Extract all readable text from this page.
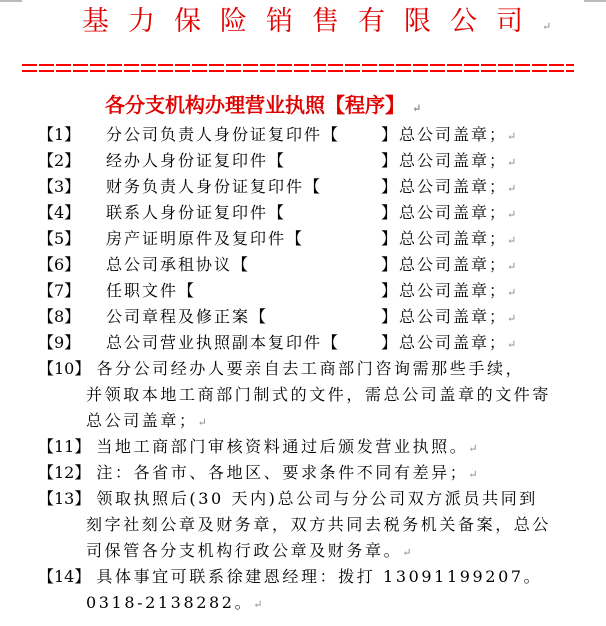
基力保险销售有限公司↵
各分支机构办理营业执照【程序】 ↵
【1】 分公司负责人身份证复印件【	】总公司盖章；↵
【2】 经办人身份证复印件【	】总公司盖章；↵
【3】 财务负责人身份证复印件【	】总公司盖章；↵
【4】 联系人身份证复印件【	】总公司盖章；↵
【5】 房产证明原件及复印件【	】总公司盖章；↵
【6】 总公司承租协议【	】总公司盖章；↵
【7】 任职文件【	】总公司盖章；↵
【8】 公司章程及修正案【	】总公司盖章；↵
【9】 总公司营业执照副本复印件【	】总公司盖章；↵
【10】 各分公司经办人要亲自去工商部门咨询需那些手续，
并领取本地工商部门制式的文件，需总公司盖章的文件寄
总公司盖章；↵
【11】 当地工商部门审核资料通过后颁发营业执照。↵
【12】 注：各省市、各地区、要求条件不同有差异；↵
【13】 领取执照后(30 天内)总公司与分公司双方派员共同到
刻字社刻公章及财务章，双方共同去税务机关备案，总公
司保管各分支机构行政公章及财务章。↵
【14】 具体事宜可联系徐建恩经理：拨打 13091199207。
0318-2138282。↵
